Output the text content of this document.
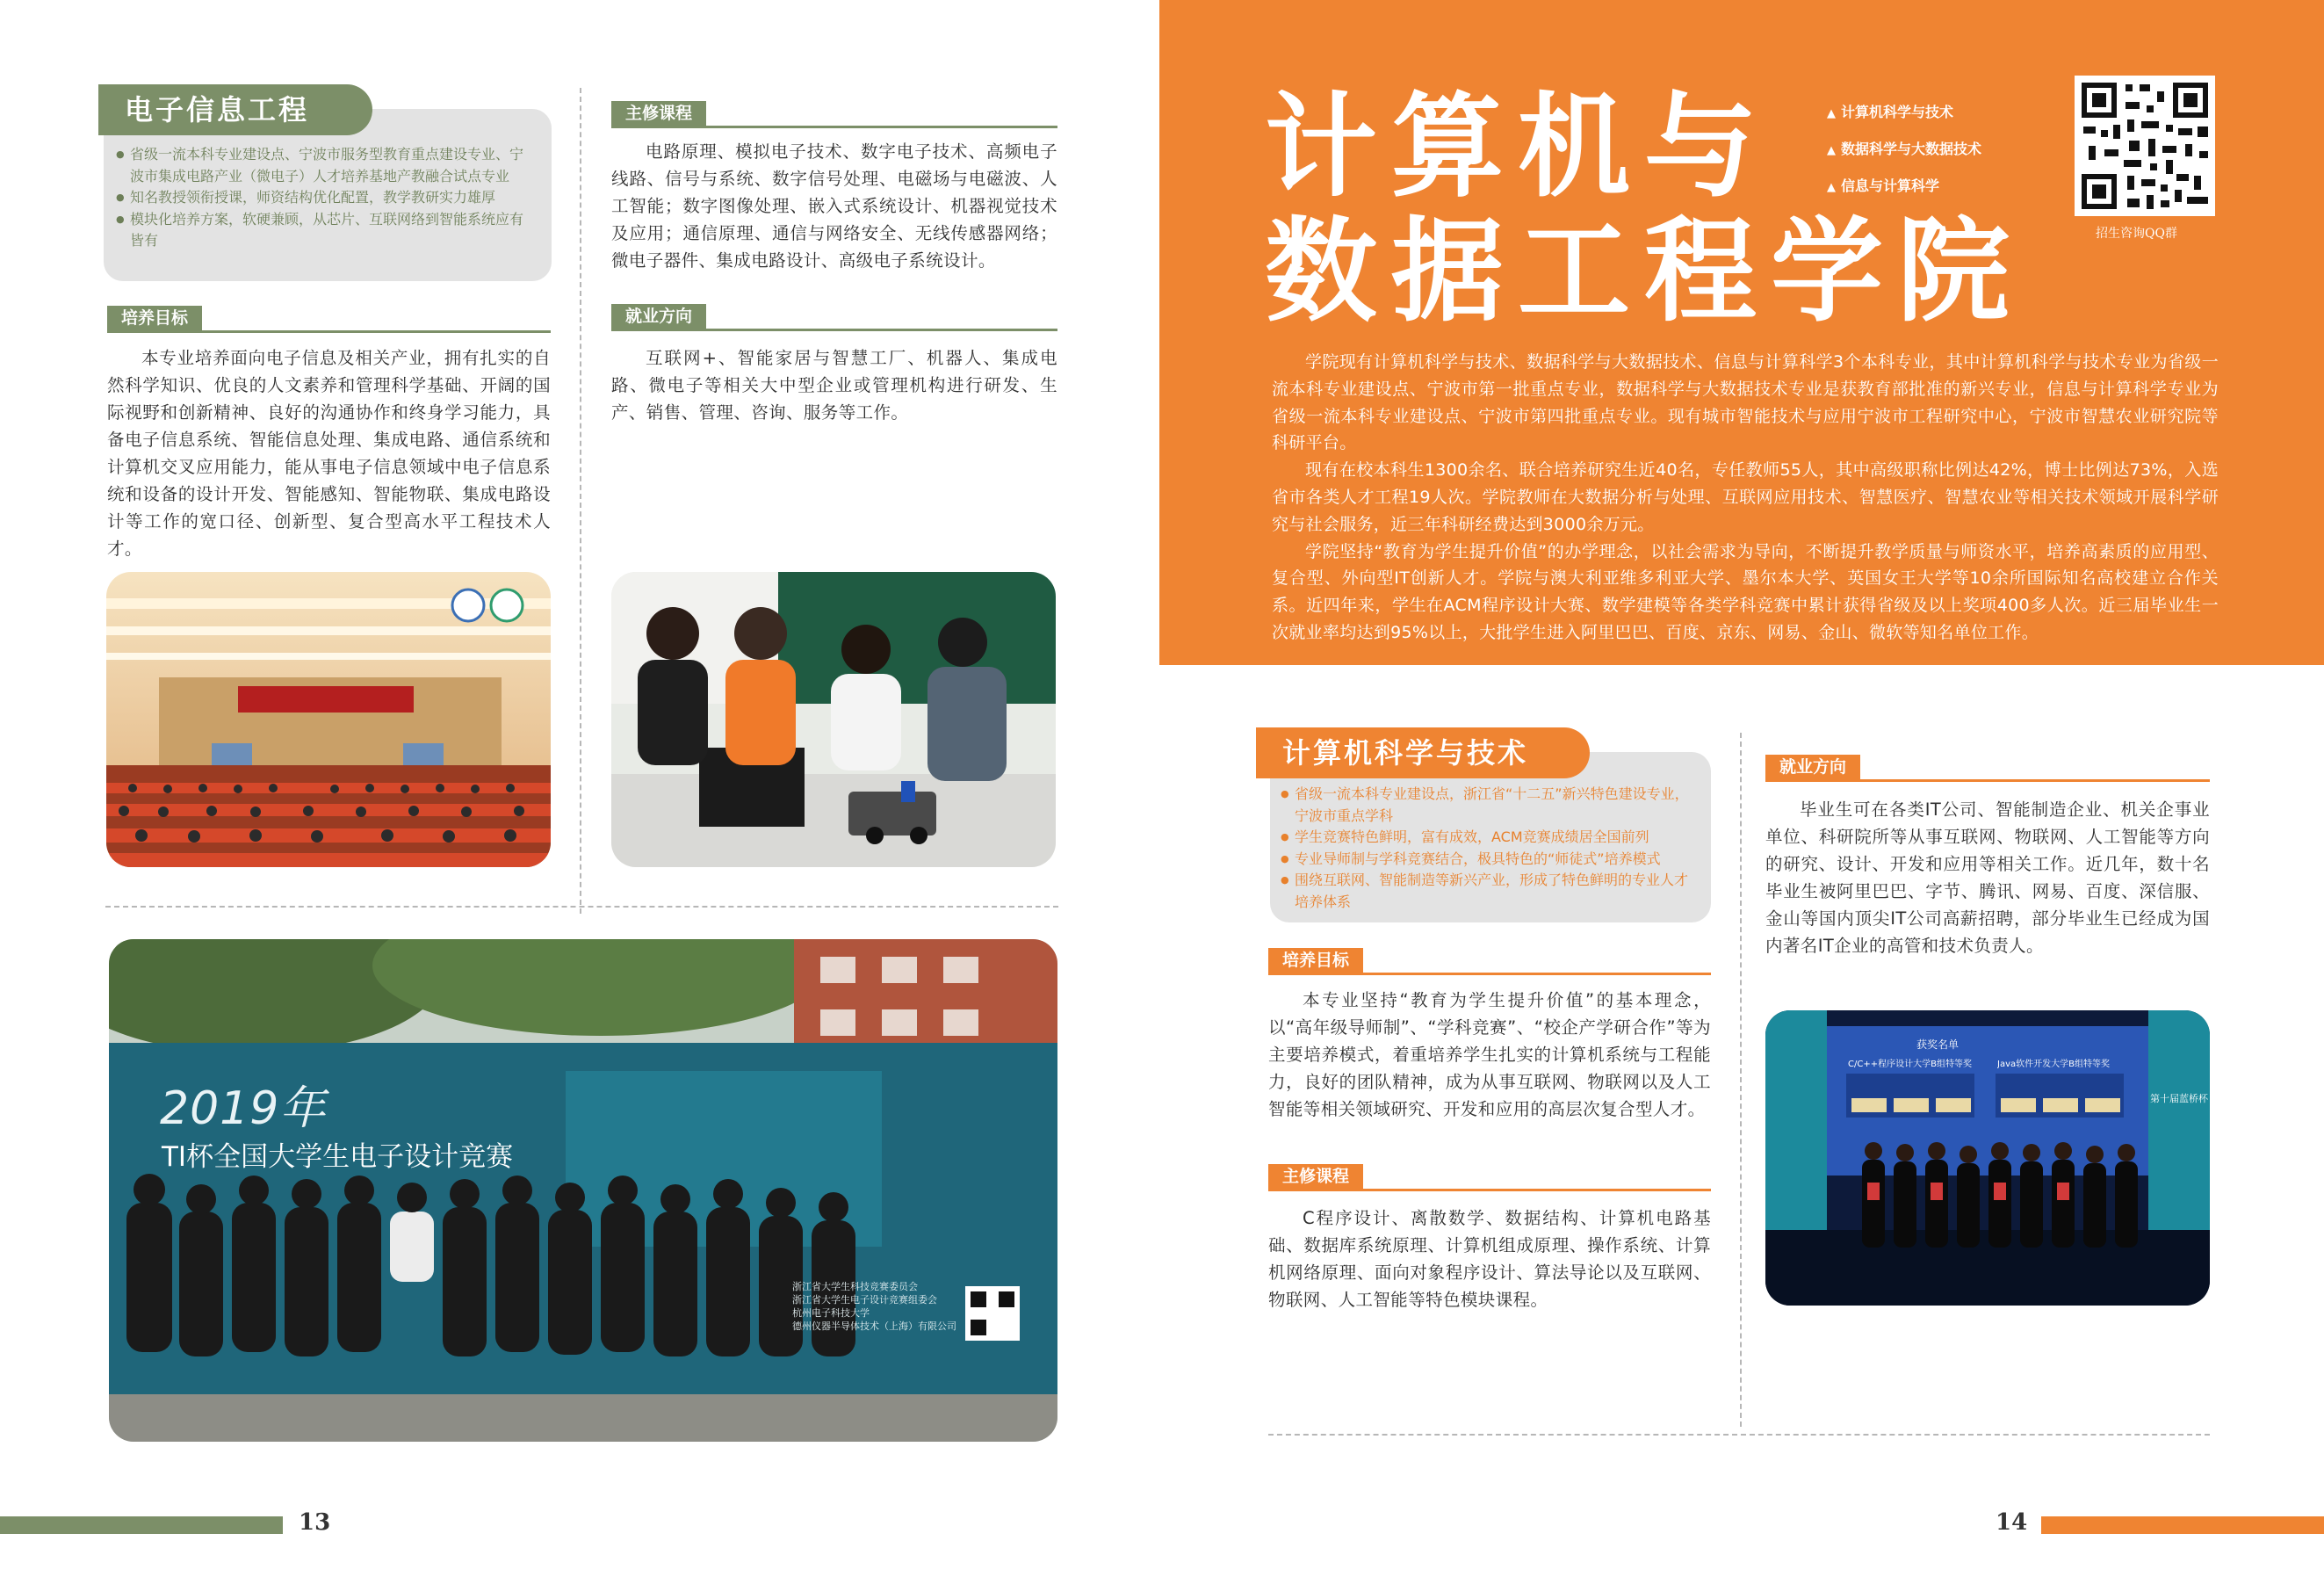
电子信息工程
● 省级一流本科专业建设点、宁波市服务型教育重点建设专业、宁波市集成电路产业（微电子）人才培养基地产教融合试点专业
● 知名教授领衔授课，师资结构优化配置，教学教研实力雄厚
● 模块化培养方案，软硬兼顾，从芯片、互联网络到智能系统应有皆有
培养目标
本专业培养面向电子信息及相关产业，拥有扎实的自然科学知识、优良的人文素养和管理科学基础、开阔的国际视野和创新精神、良好的沟通协作和终身学习能力，具备电子信息系统、智能信息处理、集成电路、通信系统和计算机交叉应用能力，能从事电子信息领域中电子信息系统和设备的设计开发、智能感知、智能物联、集成电路设计等工作的宽口径、创新型、复合型高水平工程技术人才。
主修课程
电路原理、模拟电子技术、数字电子技术、高频电子线路、信号与系统、数字信号处理、电磁场与电磁波、人工智能；数字图像处理、嵌入式系统设计、机器视觉技术及应用；通信原理、通信与网络安全、无线传感器网络；微电子器件、集成电路设计、高级电子系统设计。
就业方向
互联网+、智能家居与智慧工厂、机器人、集成电路、微电子等相关大中型企业或管理机构进行研发、生产、销售、管理、咨询、服务等工作。
2019年
TI杯全国大学生电子设计竞赛
浙江省大学生科技竞赛委员会
浙江省大学生电子设计竞赛组委会
杭州电子科技大学
德州仪器半导体技术（上海）有限公司
13
计算机与
数据工程学院
▲ 计算机科学与技术
▲ 数据科学与大数据技术
▲ 信息与计算科学
招生咨询QQ群

学院现有计算机科学与技术、数据科学与大数据技术、信息与计算科学3个本科专业，其中计算机科学与技术专业为省级一流本科专业建设点、宁波市第一批重点专业，数据科学与大数据技术专业是获教育部批准的新兴专业，信息与计算科学专业为省级一流本科专业建设点、宁波市第四批重点专业。现有城市智能技术与应用宁波市工程研究中心，宁波市智慧农业研究院等科研平台。

现有在校本科生1300余名、联合培养研究生近40名，专任教师55人，其中高级职称比例达42%，博士比例达73%，入选省市各类人才工程19人次。学院教师在大数据分析与处理、互联网应用技术、智慧医疗、智慧农业等相关技术领域开展科学研究与社会服务，近三年科研经费达到3000余万元。

学院坚持“教育为学生提升价值”的办学理念，以社会需求为导向，不断提升教学质量与师资水平，培养高素质的应用型、复合型、外向型IT创新人才。学院与澳大利亚维多利亚大学、墨尔本大学、英国女王大学等10余所国际知名高校建立合作关系。近四年来，学生在ACM程序设计大赛、数学建模等各类学科竞赛中累计获得省级及以上奖项400多人次。近三届毕业生一次就业率均达到95%以上，大批学生进入阿里巴巴、百度、京东、网易、金山、微软等知名单位工作。

计算机科学与技术
● 省级一流本科专业建设点，浙江省“十二五”新兴特色建设专业，宁波市重点学科
● 学生竞赛特色鲜明，富有成效，ACM竞赛成绩居全国前列
● 专业导师制与学科竞赛结合，极具特色的“师徒式”培养模式
● 围绕互联网、智能制造等新兴产业，形成了特色鲜明的专业人才培养体系
培养目标
本专业坚持“教育为学生提升价值”的基本理念，以“高年级导师制”、“学科竞赛”、“校企产学研合作”等为主要培养模式，着重培养学生扎实的计算机系统与工程能力，良好的团队精神，成为从事互联网、物联网以及人工智能等相关领域研究、开发和应用的高层次复合型人才。
主修课程
C程序设计、离散数学、数据结构、计算机电路基础、数据库系统原理、计算机组成原理、操作系统、计算机网络原理、面向对象程序设计、算法导论以及互联网、物联网、人工智能等特色模块课程。
就业方向
毕业生可在各类IT公司、智能制造企业、机关企事业单位、科研院所等从事互联网、物联网、人工智能等方向的研究、设计、开发和应用等相关工作。近几年，数十名毕业生被阿里巴巴、字节、腾讯、网易、百度、深信服、金山等国内顶尖IT公司高薪招聘，部分毕业生已经成为国内著名IT企业的高管和技术负责人。
获奖名单
C/C++程序设计大学B组特等奖	Java软件开发大学B组特等奖
第十届蓝桥杯
14
